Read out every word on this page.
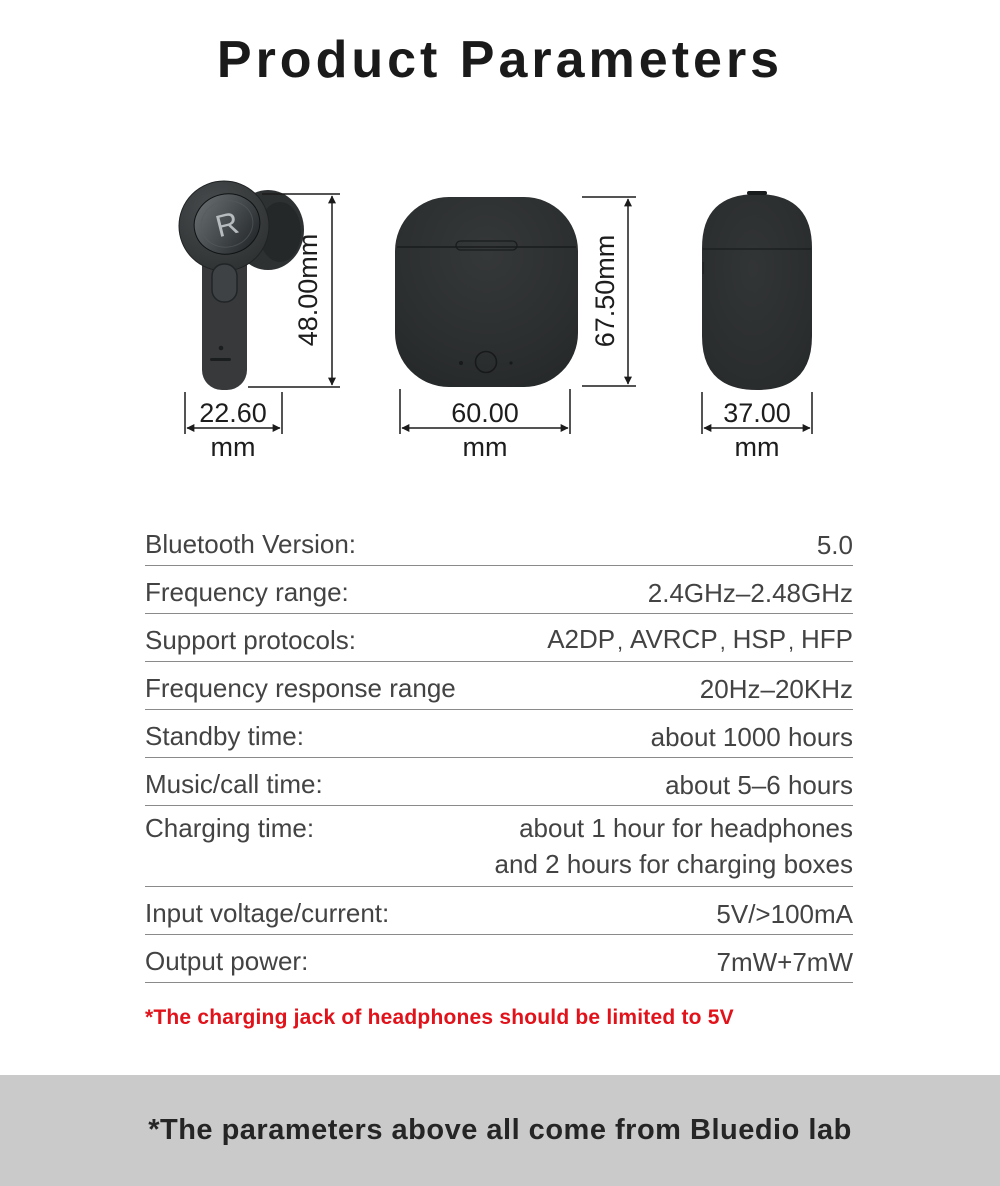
Product Parameters
R
48.00mm
22.60
mm
67.50mm
60.00
mm
37.00
mm
Bluetooth Version:	5.0
Frequency range:	2.4GHz–2.48GHz
Support protocols:	A2DP, AVRCP, HSP, HFP
Frequency response range	20Hz–20KHz
Standby time:	about 1000 hours
Music/call time:	about 5–6 hours
Charging time:	about 1 hour for headphones
and 2 hours for charging boxes
Input voltage/current:	5V/>100mA
Output power:	7mW+7mW

*The charging jack of headphones should be limited to 5V

*The parameters above all come from Bluedio lab
